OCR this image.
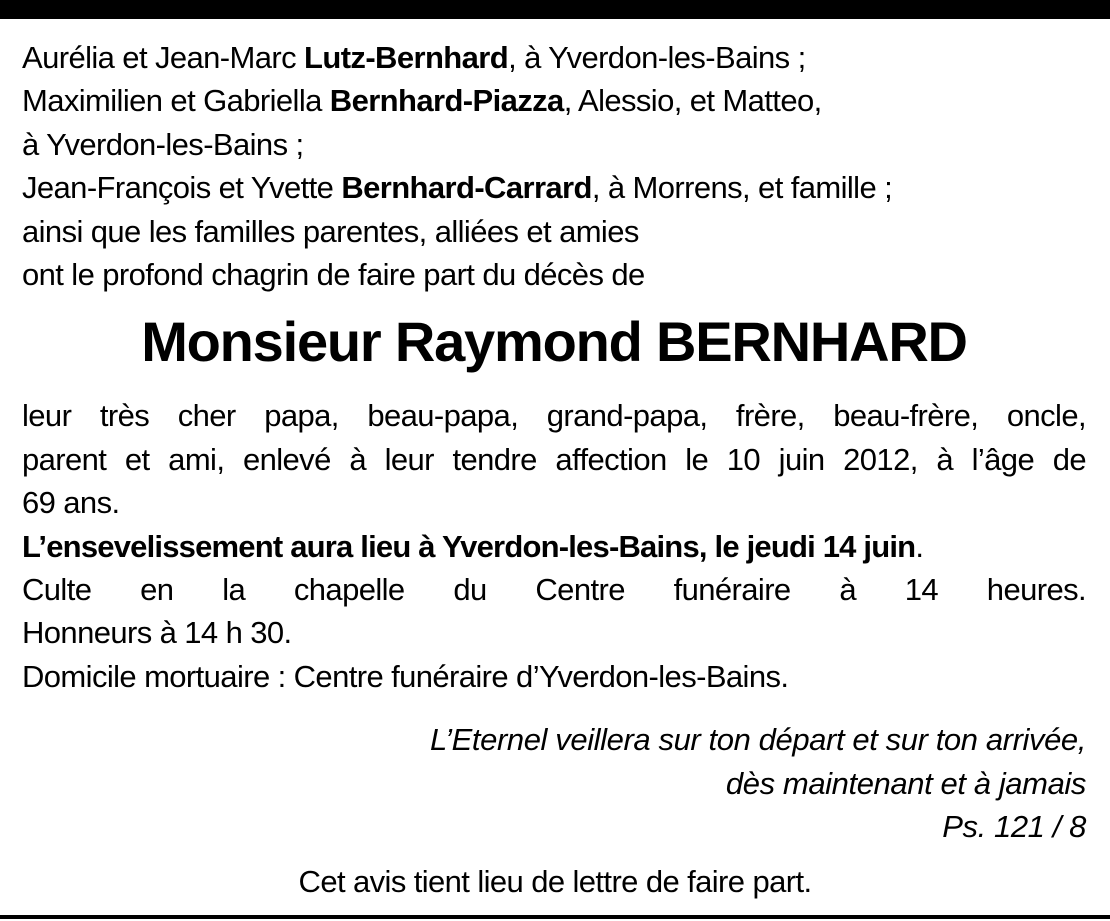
Aurélia et Jean-Marc Lutz-Bernhard, à Yverdon-les-Bains ;
Maximilien et Gabriella Bernhard-Piazza, Alessio, et Matteo,
à Yverdon-les-Bains ;
Jean-François et Yvette Bernhard-Carrard, à Morrens, et famille ;
ainsi que les familles parentes, alliées et amies
ont le profond chagrin de faire part du décès de
Monsieur Raymond BERNHARD
leur très cher papa, beau-papa, grand-papa, frère, beau-frère, oncle,
parent et ami, enlevé à leur tendre affection le 10 juin 2012, à l’âge de
69 ans.
L’ensevelissement aura lieu à Yverdon-les-Bains, le jeudi 14 juin.
Culte en la chapelle du Centre funéraire à 14 heures.
Honneurs à 14 h 30.
Domicile mortuaire : Centre funéraire d’Yverdon-les-Bains.
L’Eternel veillera sur ton départ et sur ton arrivée,
dès maintenant et à jamais
Ps. 121 / 8
Cet avis tient lieu de lettre de faire part.
